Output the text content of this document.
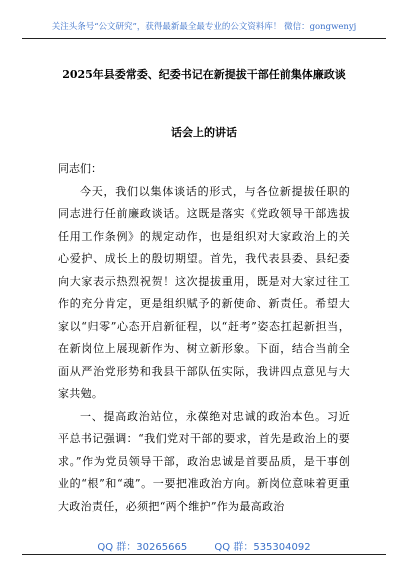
关注头条号“公文研究”，获得最新最全最专业的公文资料库！ 微信：gongwenyj
2025年县委常委、纪委书记在新提拔干部任前集体廉政谈
话会上的讲话

同志们：

今天，我们以集体谈话的形式，与各位新提拔任职的同志进行任前廉政谈话。这既是落实《党政领导干部选拔任用工作条例》的规定动作，也是组织对大家政治上的关心爱护、成长上的殷切期望。首先，我代表县委、县纪委向大家表示热烈祝贺！这次提拔重用，既是对大家过往工作的充分肯定，更是组织赋予的新使命、新责任。希望大家以“归零”心态开启新征程，以“赶考”姿态扛起新担当，在新岗位上展现新作为、树立新形象。下面，结合当前全面从严治党形势和我县干部队伍实际，我讲四点意见与大家共勉。

一、提高政治站位，永葆绝对忠诚的政治本色。习近平总书记强调：“我们党对干部的要求，首先是政治上的要求。”作为党员领导干部，政治忠诚是首要品质，是干事创业的“根”和“魂”。一要把准政治方向。新岗位意味着更重大政治责任，必须把“两个维护”作为最高政治

QQ 群：30265665	QQ 群：535304092
